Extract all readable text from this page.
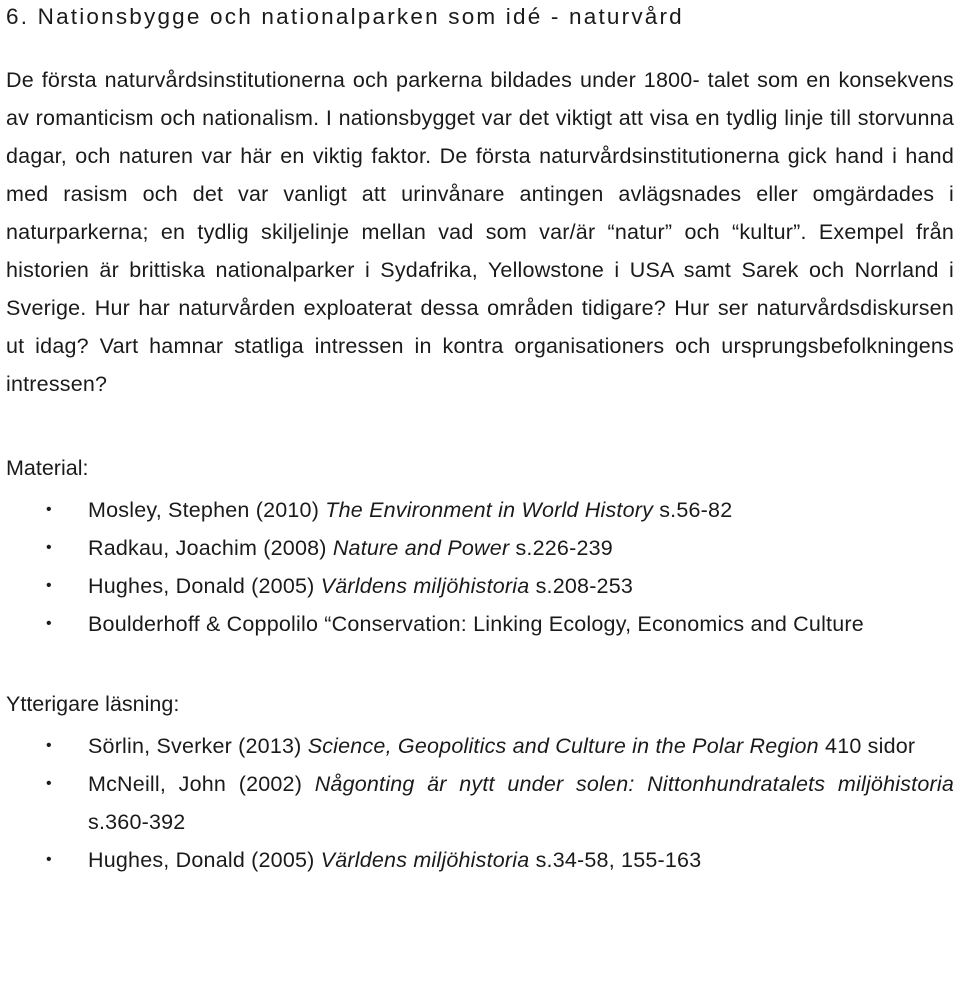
6. Nationsbygge och nationalparken som idé - naturvård

De första naturvårdsinstitutionerna och parkerna bildades under 1800- talet som en konsekvens av romanticism och nationalism. I nationsbygget var det viktigt att visa en tydlig linje till storvunna dagar, och naturen var här en viktig faktor. De första naturvårdsinstitutionerna gick hand i hand med rasism och det var vanligt att urinvånare antingen avlägsnades eller omgärdades i naturparkerna; en tydlig skiljelinje mellan vad som var/är “natur” och “kultur”. Exempel från historien är brittiska nationalparker i Sydafrika, Yellowstone i USA samt Sarek och Norrland i Sverige. Hur har naturvården exploaterat dessa områden tidigare? Hur ser naturvårdsdiskursen ut idag? Vart hamnar statliga intressen in kontra organisationers och ursprungsbefolkningens intressen?

Material:

• Mosley, Stephen (2010) The Environment in World History s.56-82
• Radkau, Joachim (2008) Nature and Power s.226-239
• Hughes, Donald (2005) Världens miljöhistoria s.208-253
• Boulderhoff & Coppolilo “Conservation: Linking Ecology, Economics and Culture

Ytterigare läsning:

• Sörlin, Sverker (2013) Science, Geopolitics and Culture in the Polar Region 410 sidor
• McNeill, John (2002) Någonting är nytt under solen: Nittonhundratalets miljöhistoria s.360-392
• Hughes, Donald (2005) Världens miljöhistoria s.34-58, 155-163
